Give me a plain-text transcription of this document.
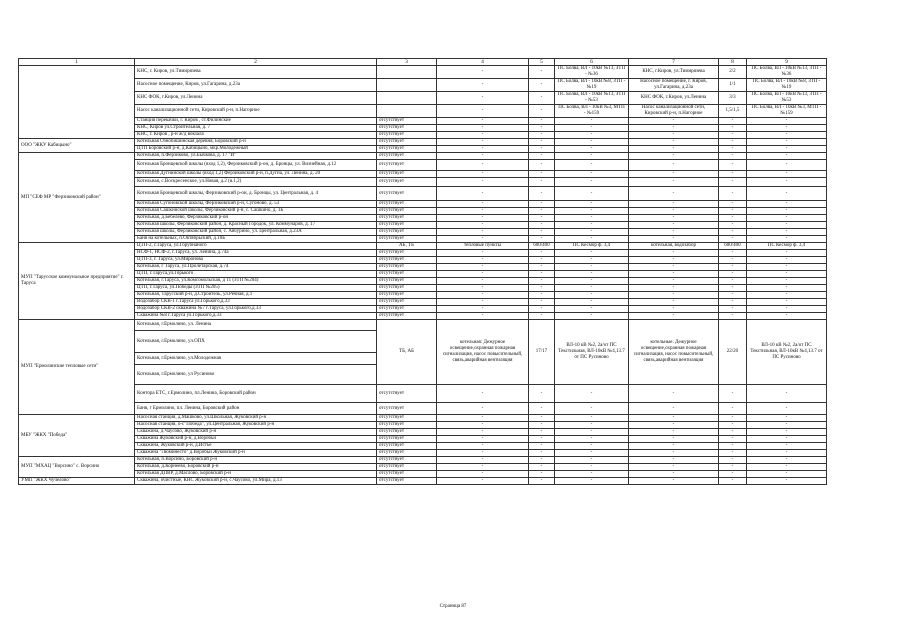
1	2	3	4	5	6	7	8	9
	КНС, г. Киров, ул.Тимирязева		-	-	ПС Болва, ВЛ - 10кВ №13, ЗТП - №36	КНС, г.Киров, ул.Тимирязева	2/2	ПС Болва, ВЛ - 10кВ №13, ЗТП - №36
	Насосное помещение, Киров, ул.Гагарина, д.23а		-	-	ПС Болва, ВЛ - 10кВ №8, ЗТП - №19	Насосное помещение, г. Киров, ул.Гагарина, д.23а	1/1	ПС Болва, ВЛ - 10кВ №8, ЗТП - №19
	КНС ФОК, г.Киров, ул.Ленина		-	-	ПС Болва, ВЛ - 10кВ №13, ЗТП - №53	КНС ФОК, г.Киров, ул.Ленина	3/3	ПС Болва, ВЛ - 10кВ №13, ЗТП - №53
	Насос канализационной сети, Кировский р-н, п.Нагорное		-	-	ПС Болва, ВЛ - 10кВ №3, МТП - №159	Насос канализационной сети, Кировский р-н, п.Нагорное	1,5/1,5	ПС Болва, ВЛ - 10кВ №3, МТП - №159
	Станция перекачки, г. Киров , ст.Филинские	отсутствует	-	-	-	-	-	-
	КНС, Киров ул.Строительная, д. 7	отсутствует	-	-	-	-	-	-
	КНС, г. Киров , р-н ж/д вокзала	отсутствует	-	-	-	-	-	-
ООО "ЖКУ Кабицыно"	Котельная Ознобишинская деревня, Боровский р-н	отсутствует	-	-	-	-	-	-
	ЦТП Боровский р-н, д.Кабицыно, мкр.Молодежный	отсутствует	-	-	-	-	-	-
МП "СЕФ МР "Ферзиковский район"	Котельная, п.Ферзиково, ул.Бычкова, д. 17 "И"	отсутствует	-	-	-	-	-	-
	Котельная Бронцевской школы (вход 1,2), Ферзиковский р-он, д. Бронцы, ул. Визиейная, д.12	отсутствует	-	-	-	-	-	-
	Котельная Дугнинской школы (вход 1,2) Ферзиковский р-н, п.Дугна, ул. Ленина, д. 20	отсутствует	-	-	-	-	-	-
	Котельная, с.Воскресенское, ул.Новая, д.2 (в.1,2)	отсутствует	-	-	-	-	-	-
	Котельная Бронцевской школы, Ферзиковский р-он, д. Бронцы, ул. Центральная, д. 4	отсутствует	-	-	-	-	-	-
	Котельная Сугоновской школы, Ферзиковский р-н, Сугоново, д. 53	отсутствует	-	-	-	-	-	-
	Котельная Сашкинской школы, Ферзиковский р-н, с. Сашкино, д. 1Б	отсутствует	-	-	-	-	-	-
	Котельная, д.Бебелево, Ферзиковский р-он	отсутствует	-	-	-	-	-	-
	Котельная школы, Ферзиковский район, д. Красный Городок, ул. Коммунаров, д. 17	отсутствует	-	-	-	-	-	-
	Котельная школы, Ферзиковский район, с. Авчурино, ул. Центральная, д.23А	отсутствует	-	-	-	-	-	-
	Баня на котельных, п.Октябрьский, д.10Б	отсутствует	-	-	-	-	-	-
МУП "Тарусское коммунальное предприятие" г. Таруса	ЦТП-2, г.Таруса, ул.Горубнаного	АБ, ТБ	тепловые пункты	600/400	ПС Кесмор ф. 3,4	котельная, водозабор	600/400	ПС Кесмор ф. 3,4
	НСФ-1, НСФ-2, г.Таруса, ул. Ленина, д.74а	отсутствует	-	-	-	-	-	-
	ЦТП-3, г. Таруса, ул.Миронова	отсутствует	-	-	-	-	-	-
	Котельная, г Таруса, ул.Пролетарская, д.74	отсутствует	-	-	-	-	-	-
	ЦТП, г.Таруса,ул.Горького	отсутствует	-	-	-	-	-	-
	Котельная, г.Таруса, ул.Комсомольская, д 11 (ЗТП №204)	отсутствует	-	-	-	-	-	-
	ЦТП, г.Таруса, ул.Победы (ЗТП №205)	отсутствует	-	-	-	-	-	-
	Котельная, Тарусский р-н, д.Строитель, ул.Речная, д.1	отсутствует	-	-	-	-	-	-
	Водозабор СКВ-1 г.Таруса ул.Горького,д.33	отсутствует	-	-	-	-	-	-
	Водозабор СКВ-2 скважина №7 г.Таруса, ул.Горького,д.33	отсутствует	-	-	-	-	-	-
	Скважина №8 г.Таруса ул.Горького,д.33	отсутствует	-	-	-	-	-	-
МУП "Ермолинские тепловые сети"	Котельная, г.Ермолино, ул. Ленина	ТБ, АБ	котельная: Дежурное освещение,охранная пожарная сигнализация, насос повысительный, связь,аварийная вентиляция	17/17	ВЛ-10 кВ №2, 2а/от ПС Текстильная, ВЛ-10кВ №4,13.7 от ПС Русиново	котельные: Дежурное освещение,охранная пожарная сигнализация, насос повысительный, связь,аварийная вентиляция	22/20	ВЛ-10 кВ №2, 2а/от ПС Текстильная, ВЛ-10кВ №4,13.7 от ПС Русиново
	Котельная, г.Ермолино, ул.ОПХ							
	Котельная, г.Ермолино, ул.Молодежная							
	Котельная, г.Ермолино, ул Русиново							
	Контора ЕТС, г.Ермолино, пл.Ленина, Боровский район	отсутствует	-	-	-	-	-	-
	Баня, г Ермолино, пл. Ленина, Боровский район	отсутствует	-	-	-	-	-	-
МБУ "ЖКХ "Победа"	Насосная станция, д.Машково, ул.Школьная, Жуковский р-н	отсутствует	-	-	-	-	-	-
	Насосная станция, о-с"Победа", ул.Центральная, Жуковский р-н	отсутствует	-	-	-	-	-	-
	Скважина, д.Чаусово, Жуковский р-н	отсутствует	-	-	-	-	-	-
	Скважина Жуковский р-н, д.Воробьи	отсутствует	-	-	-	-	-	-
	Скважина, Жуковский р-н, д.Истье	отсутствует	-	-	-	-	-	-
	Скважина "Люминесто" д.Воробьи Жуковский р-н	отсутствует	-	-	-	-	-	-
МУП "МХАЦ "Ворсино" с. Ворсино	Котельная, п.Ворсино, Боровский р-н	отсутствует	-	-	-	-	-	-
	Котельная, д.Корнеево, Боровский р-н	отсутствует	-	-	-	-	-	-
	Котельная ДПВР, д.Маслово, Боровский р-н	отсутствует	-	-	-	-	-	-
УМП "ЖКХ Чучелово"	Скважина, очистные, КНС Жуковский р-н, с.Чаусово, ул.Мира, д.13	отсутствует	-	-	-	-	-	-
Страница 87
